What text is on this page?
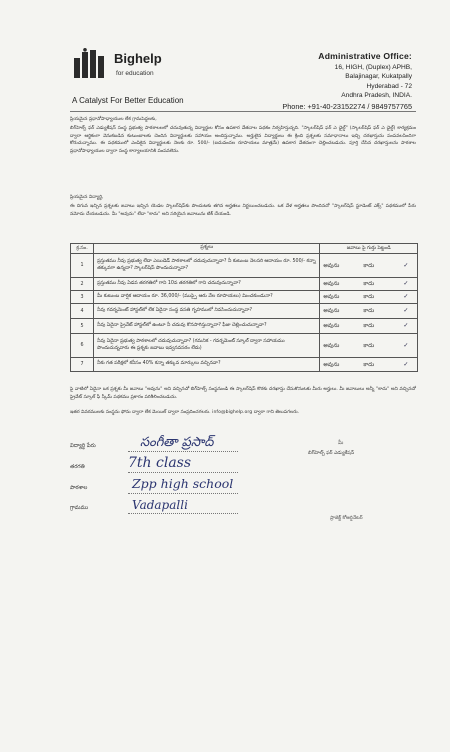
Bighelp
for education
A Catalyst For Better Education
Administrative Office:
16, HIGH, (Duplex) APHB,
Balajinagar, Kukatpally
Hyderabad - 72
Andhra Pradesh, INDIA.
Phone: +91-40-23152274 / 9849757765
ప్రియమైన ప్రధానోపాధ్యాయుల లేక గ్రామపెద్దలకు,
బిగ్‌హెల్ప్ ఫర్ ఎడ్యుకేషన్ సంస్థ ప్రభుత్వ పాఠశాలలలో చదువుతున్న విద్యార్థుల కోసం ఉపకార వేతనాల పథకం నిర్వహిస్తున్నది. "స్కాలర్‌షిప్ ఫర్ ఎ ఛైల్డ్" (స్కాలర్‌షిప్ ఫర్ ఎ ఛైల్డ్) కార్యక్రమం ద్వారా ఆర్థికంగా వెనుకబడిన కుటుంబాలకు చెందిన విద్యార్థులకు సహాయం అందిస్తున్నాము. అర్హులైన విద్యార్థులు ఈ క్రింది ప్రశ్నలకు సమాధానాలు ఇచ్చి దరఖాస్తును పంపవలసిందిగా కోరుచున్నాము. ఈ పథకములో ఎంపికైన విద్యార్థులకు నెలకు రూ. 500/- (ఐదువందల రూపాయలు మాత్రమే) ఉపకార వేతనంగా చెల్లించబడును. పూర్తి చేసిన దరఖాస్తులను పాఠశాల ప్రధానోపాధ్యాయుల ద్వారా సంస్థ కార్యాలయానికి పంపవలెను.
ప్రియమైన విద్యార్థి,
ఈ దిగువ ఇచ్చిన ప్రశ్నలకు జవాబు ఇచ్చిన యెడల స్కాలర్‌షిప్‌కు పొందుటకు తగిన అర్హతలు నిర్ణయించబడును. ఒక వేళ అర్హతలు పొందినచో "స్కాలర్‌షిప్ స్టూడెంట్ ఎక్స్" పథకములో పేరు నమోదు చేయబడును. మీ "అవును" లేదా "కాదు" అని సరియైన జవాబును టిక్ చేయండి.
క్ర.సం.	ప్రశ్నలు	జవాబు పై గుర్తు పెట్టండి
1	ప్రస్తుతము నీవు ప్రభుత్వ లేదా ఎయిడెడ్ పాఠశాలలో చదువుచున్నావా? నీ కుటుంబ నెలసరి ఆదాయం రూ. 500/- కన్నా తక్కువగా ఉన్నదా? స్కాలర్‌షిప్ పొందుచున్నావా?	అవును కాదు ✓
2	ప్రస్తుతము నీవు ఏడవ తరగతిలో గాని 10వ తరగతిలో గాని చదువుచున్నావా?	అవును కాదు ✓
3	మీ కుటుంబ వార్షిక ఆదాయం రూ. 36,000/- (ముప్పై ఆరు వేల రూపాయలు) మించకుండునా?	అవును కాదు ✓
4	నీవు గవర్నమెంట్ హాస్టల్‌లో లేక ఏదైనా సంస్థ వసతి గృహములో నివసించుచున్నావా?	అవును కాదు ✓
5	నీవు ఏదైనా ప్రైవేట్ హాస్టల్‌లో ఉంటూ నీ చదువు కొనసాగిస్తున్నావా? ఫీజు చెల్లించుచున్నావా?	అవును కాదు ✓
6	నీవు ఏదైనా ప్రభుత్వ పాఠశాలలో చదువుచున్నావా? (గమనిక - గవర్నమెంట్ స్కూల్ ద్వారా సహాయము పొందుచున్నవారు ఈ ప్రశ్నకు జవాబు ఇవ్వనవసరం లేదు)	అవును కాదు ✓
7	నీకు గత పరీక్షలో కనీసం 40% కన్నా తక్కువ మార్కులు వచ్చినవా?	అవును కాదు ✓
పై వాటిలో ఏదైనా ఒక ప్రశ్నకు మీ జవాబు "అవును" అని వచ్చినచో బిగ్‌హెల్ప్ సంస్థనుండి ఈ స్కాలర్‌షిప్ కొరకు దరఖాస్తు చేసుకొనుటకు మీరు అర్హులు. మీ జవాబులు అన్నీ "కాదు" అని వచ్చినచో ప్రైవేట్ స్కూల్ ఫీ స్కీమ్ పథకము ప్రకారం పరిశీలించబడును.
ఇతర వివరములకు సంస్థను ఫోను ద్వారా లేక మెయిల్ ద్వారా సంప్రదించగలరు. info@bighelp.org ద్వారా గాని తెలుపగలరు.
విద్యార్థి పేరు	సంగీతా ప్రసాద్
తరగతి	7th class
పాఠశాల	Zpp high school
గ్రామము	Vadapalli
మీ
బిగ్‌హెల్ప్ ఫర్ ఎడ్యుకేషన్
ప్రాజెక్ట్ కోఆర్డినేటర్
